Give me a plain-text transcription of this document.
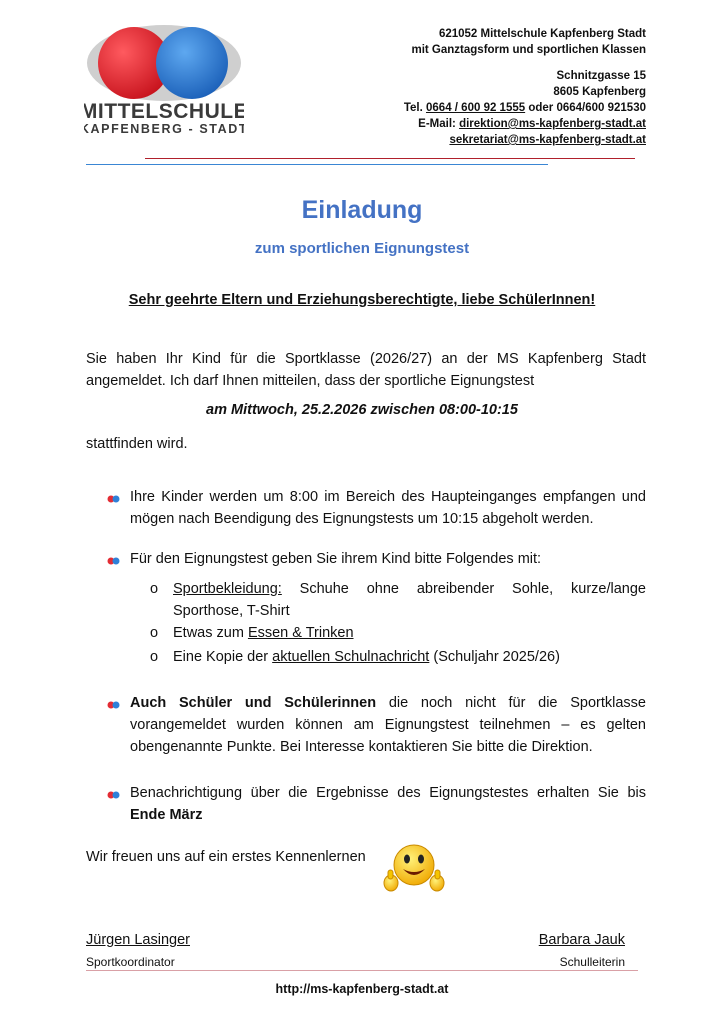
MITTELSCHULE
KAPFENBERG - STADT
621052 Mittelschule Kapfenberg Stadt
mit Ganztagsform und sportlichen Klassen
Schnitzgasse 15
8605 Kapfenberg
Tel. 0664 / 600 92 1555 oder 0664/600 921530
E-Mail: direktion@ms-kapfenberg-stadt.at
sekretariat@ms-kapfenberg-stadt.at
Einladung
zum sportlichen Eignungstest
Sehr geehrte Eltern und Erziehungsberechtigte, liebe SchülerInnen!
Sie haben Ihr Kind für die Sportklasse (2026/27) an der MS Kapfenberg Stadt angemeldet. Ich darf Ihnen mitteilen, dass der sportliche Eignungstest
am Mittwoch, 25.2.2026 zwischen 08:00-10:15
stattfinden wird.
Ihre Kinder werden um 8:00 im Bereich des Haupteinganges empfangen und mögen nach Beendigung des Eignungstests um 10:15 abgeholt werden.
Für den Eignungstest geben Sie ihrem Kind bitte Folgendes mit:
o Sportbekleidung: Schuhe ohne abreibender Sohle, kurze/lange Sporthose, T-Shirt
o Etwas zum Essen & Trinken
o Eine Kopie der aktuellen Schulnachricht (Schuljahr 2025/26)
Auch Schüler und Schülerinnen die noch nicht für die Sportklasse vorangemeldet wurden können am Eignungstest teilnehmen – es gelten obengenannte Punkte. Bei Interesse kontaktieren Sie bitte die Direktion.
Benachrichtigung über die Ergebnisse des Eignungstestes erhalten Sie bis Ende März
Wir freuen uns auf ein erstes Kennenlernen
Jürgen Lasinger
Sportkoordinator
Barbara Jauk
Schulleiterin
http://ms-kapfenberg-stadt.at
